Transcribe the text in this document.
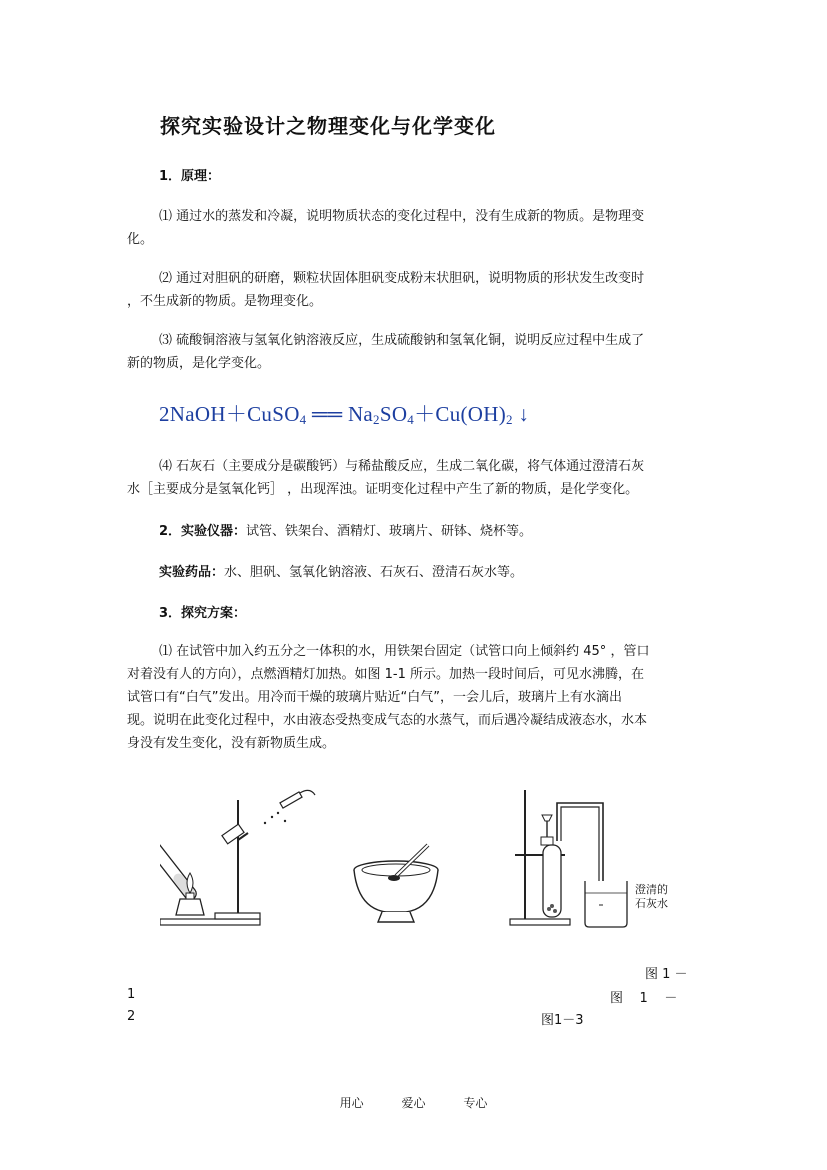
探究实验设计之物理变化与化学变化
1．原理：
⑴ 通过水的蒸发和冷凝，说明物质状态的变化过程中，没有生成新的物质。是物理变
化。
⑵ 通过对胆矾的研磨，颗粒状固体胆矾变成粉末状胆矾，说明物质的形状发生改变时
，不生成新的物质。是物理变化。
⑶ 硫酸铜溶液与氢氧化钠溶液反应，生成硫酸钠和氢氧化铜，说明反应过程中生成了
新的物质，是化学变化。
2NaOH＋CuSO$_4$ ══ $Na_2SO_4+Cu(OH)_2$ ↓
⑷ 石灰石（主要成分是碳酸钙）与稀盐酸反应，生成二氧化碳，将气体通过澄清石灰
水［主要成分是氢氧化钙］ ，出现浑浊。证明变化过程中产生了新的物质，是化学变化。
2．实验仪器：试管、铁架台、酒精灯、玻璃片、研钵、烧杯等。
实验药品：水、胆矾、氢氧化钠溶液、石灰石、澄清石灰水等。
3．探究方案：
⑴ 在试管中加入约五分之一体积的水，用铁架台固定（试管口向上倾斜约 45° ，管口
对着没有人的方向），点燃酒精灯加热。如图 1-1 所示。加热一段时间后，可见水沸腾，在
试管口有“白气”发出。用冷而干燥的玻璃片贴近“白气”，一会儿后，玻璃片上有水滴出
现。说明在此变化过程中，水由液态受热变成气态的水蒸气，而后遇冷凝结成液态水，水本
身没有发生变化，没有新物质生成。
澄清的
石灰水
图 1 －
1	图    1    －
2	图1－3
用心	爱心	专心
